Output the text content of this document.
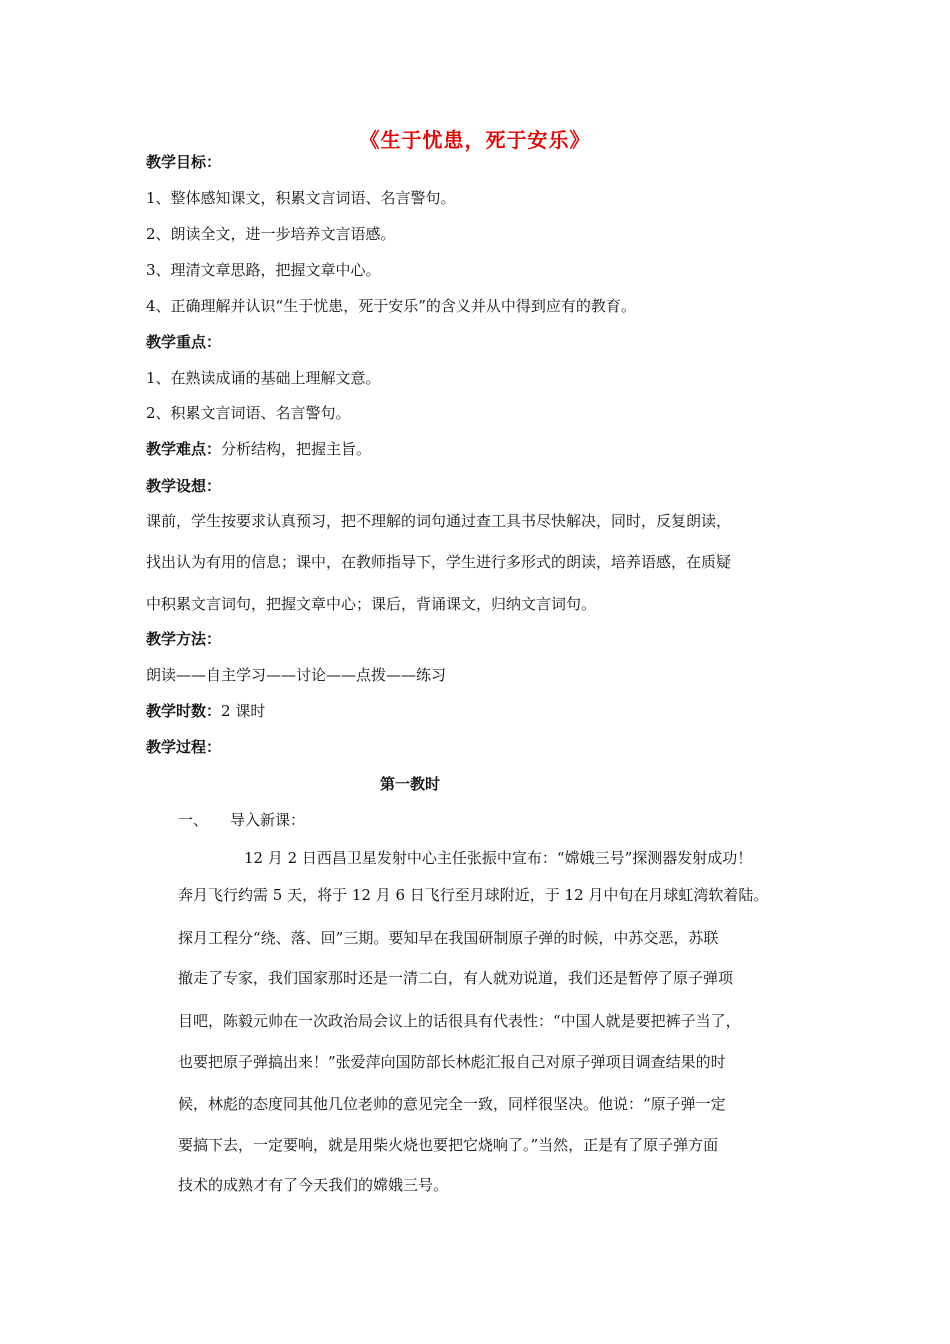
《生于忧患，死于安乐》
教学目标：
1、整体感知课文，积累文言词语、名言警句。
2、朗读全文，进一步培养文言语感。
3、理清文章思路，把握文章中心。
4、正确理解并认识“生于忧患，死于安乐”的含义并从中得到应有的教育。
教学重点：
1、在熟读成诵的基础上理解文意。
2、积累文言词语、名言警句。
教学难点：分析结构，把握主旨。
教学设想：
课前，学生按要求认真预习，把不理解的词句通过查工具书尽快解决，同时，反复朗读，
找出认为有用的信息；课中，在教师指导下，学生进行多形式的朗读，培养语感，在质疑
中积累文言词句，把握文章中心；课后，背诵课文，归纳文言词句。
教学方法：
朗读——自主学习——讨论——点拨——练习
教学时数：2 课时
教学过程：
第一教时
一、 导入新课：
12 月 2 日西昌卫星发射中心主任张振中宣布：“嫦娥三号”探测器发射成功！
奔月飞行约需 5 天，将于 12 月 6 日飞行至月球附近，于 12 月中旬在月球虹湾软着陆。
探月工程分“绕、落、回”三期。要知早在我国研制原子弹的时候，中苏交恶，苏联
撤走了专家，我们国家那时还是一清二白，有人就劝说道，我们还是暂停了原子弹项
目吧，陈毅元帅在一次政治局会议上的话很具有代表性：“中国人就是要把裤子当了，
也要把原子弹搞出来！”张爱萍向国防部长林彪汇报自己对原子弹项目调查结果的时
候，林彪的态度同其他几位老帅的意见完全一致，同样很坚决。他说：“原子弹一定
要搞下去，一定要响，就是用柴火烧也要把它烧响了。”当然，正是有了原子弹方面
技术的成熟才有了今天我们的嫦娥三号。
